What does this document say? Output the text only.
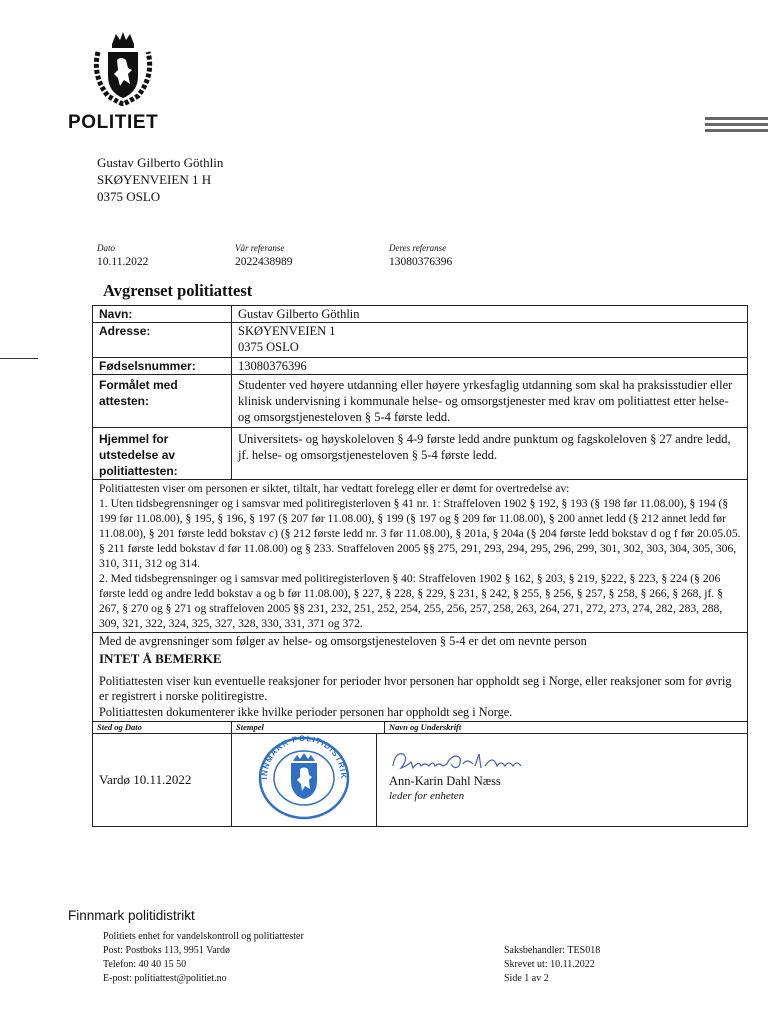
POLITIET
Gustav Gilberto Göthlin
SKØYENVEIEN 1 H
0375 OSLO
Dato
10.11.2022
Vår referanse
2022438989
Deres referanse
13080376396
Avgrenset politiattest
Navn:	Gustav Gilberto Göthlin
Adresse:	SKØYENVEIEN 1
0375 OSLO

Fødselsnummer:	13080376396
Formålet med attesten:	Studenter ved høyere utdanning eller høyere yrkesfaglig utdanning som skal ha praksisstudier eller klinisk undervisning i kommunale helse- og omsorgstjenester med krav om politiattest etter helse- og omsorgstjenesteloven § 5-4 første ledd.
Hjemmel for utstedelse av politiattesten:	Universitets- og høyskoleloven § 4-9 første ledd andre punktum og fagskoleloven § 27 andre ledd, jf. helse- og omsorgstjenesteloven § 5-4 første ledd.

Politiattesten viser om personen er siktet, tiltalt, har vedtatt forelegg eller er dømt for overtredelse av:
1. Uten tidsbegrensninger og i samsvar med politiregisterloven § 41 nr. 1: Straffeloven 1902 § 192, § 193 (§ 198 før 11.08.00), § 194 (§ 199 før 11.08.00), § 195, § 196, § 197 (§ 207 før 11.08.00), § 199 (§ 197 og § 209 før 11.08.00), § 200 annet ledd (§ 212 annet ledd før 11.08.00), § 201 første ledd bokstav c) (§ 212 første ledd nr. 3 før 11.08.00), § 201a, § 204a (§ 204 første ledd bokstav d og f før 20.05.05. § 211 første ledd bokstav d før 11.08.00) og § 233. Straffeloven 2005 §§ 275, 291, 293, 294, 295, 296, 299, 301, 302, 303, 304, 305, 306, 310, 311, 312 og 314.
2. Med tidsbegrensninger og i samsvar med politiregisterloven § 40: Straffeloven 1902 § 162, § 203, § 219, §222, § 223, § 224 (§ 206 første ledd og andre ledd bokstav a og b før 11.08.00), § 227, § 228, § 229, § 231, § 242, § 255, § 256, § 257, § 258, § 266, § 268, jf. § 267, § 270 og § 271 og straffeloven 2005 §§ 231, 232, 251, 252, 254, 255, 256, 257, 258, 263, 264, 271, 272, 273, 274, 282, 283, 288, 309, 321, 322, 324, 325, 327, 328, 330, 331, 371 og 372.

Med de avgrensninger som følger av helse- og omsorgstjenesteloven § 5-4 er det om nevnte person
INTET Å BEMERKE

Politiattesten viser kun eventuelle reaksjoner for perioder hvor personen har oppholdt seg i Norge, eller reaksjoner som for øvrig er registrert i norske politiregistre.

Politiattesten dokumenterer ikke hvilke perioder personen har oppholdt seg i Norge.

Sted og Dato		Stempel	Navn og Underskrift

Vardø 10.11.2022		INNMARK POLITIDISTRIK	Ann-Karin Dahl Næss
leder for enheten
Finnmark politidistrikt
Politiets enhet for vandelskontroll og politiattester
Post: Postboks 113, 9951 Vardø
Telefon: 40 40 15 50
E-post: politiattest@politiet.no
Saksbehandler: TES018
Skrevet ut: 10.11.2022
Side 1 av 2
